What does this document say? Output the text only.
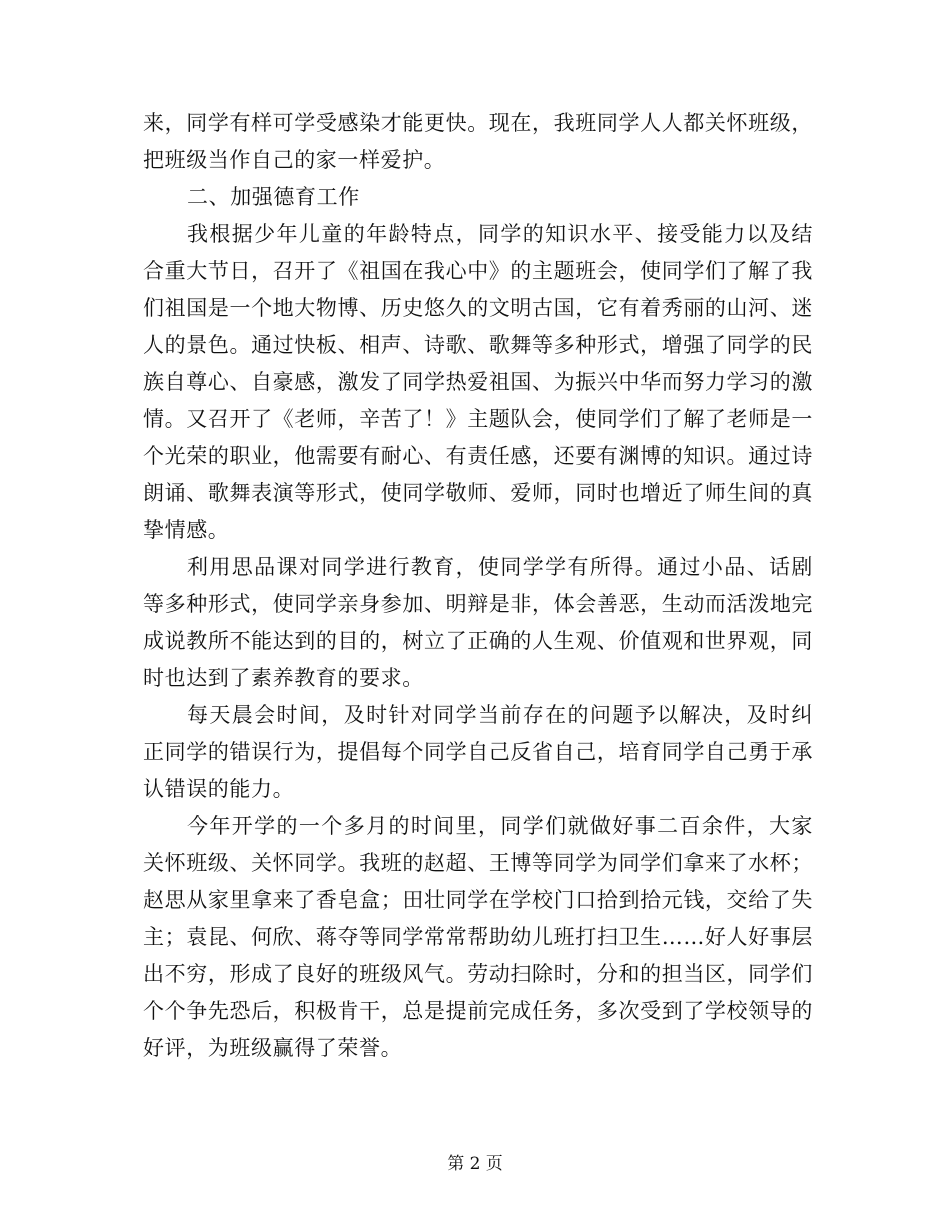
来，同学有样可学受感染才能更快。现在，我班同学人人都关怀班级，把班级当作自己的家一样爱护。

二、加强德育工作

我根据少年儿童的年龄特点，同学的知识水平、接受能力以及结合重大节日，召开了《祖国在我心中》的主题班会，使同学们了解了我们祖国是一个地大物博、历史悠久的文明古国，它有着秀丽的山河、迷人的景色。通过快板、相声、诗歌、歌舞等多种形式，增强了同学的民族自尊心、自豪感，激发了同学热爱祖国、为振兴中华而努力学习的激情。又召开了《老师，辛苦了！》主题队会，使同学们了解了老师是一个光荣的职业，他需要有耐心、有责任感，还要有渊博的知识。通过诗朗诵、歌舞表演等形式，使同学敬师、爱师，同时也增近了师生间的真挚情感。

利用思品课对同学进行教育，使同学学有所得。通过小品、话剧等多种形式，使同学亲身参加、明辩是非，体会善恶，生动而活泼地完成说教所不能达到的目的，树立了正确的人生观、价值观和世界观，同时也达到了素养教育的要求。

每天晨会时间，及时针对同学当前存在的问题予以解决，及时纠正同学的错误行为，提倡每个同学自己反省自己，培育同学自己勇于承认错误的能力。

今年开学的一个多月的时间里，同学们就做好事二百余件，大家关怀班级、关怀同学。我班的赵超、王博等同学为同学们拿来了水杯；赵思从家里拿来了香皂盒；田壮同学在学校门口拾到拾元钱，交给了失主；袁昆、何欣、蒋夺等同学常常帮助幼儿班打扫卫生……好人好事层出不穷，形成了良好的班级风气。劳动扫除时，分和的担当区，同学们个个争先恐后，积极肯干，总是提前完成任务，多次受到了学校领导的好评，为班级赢得了荣誉。

第 2 页
